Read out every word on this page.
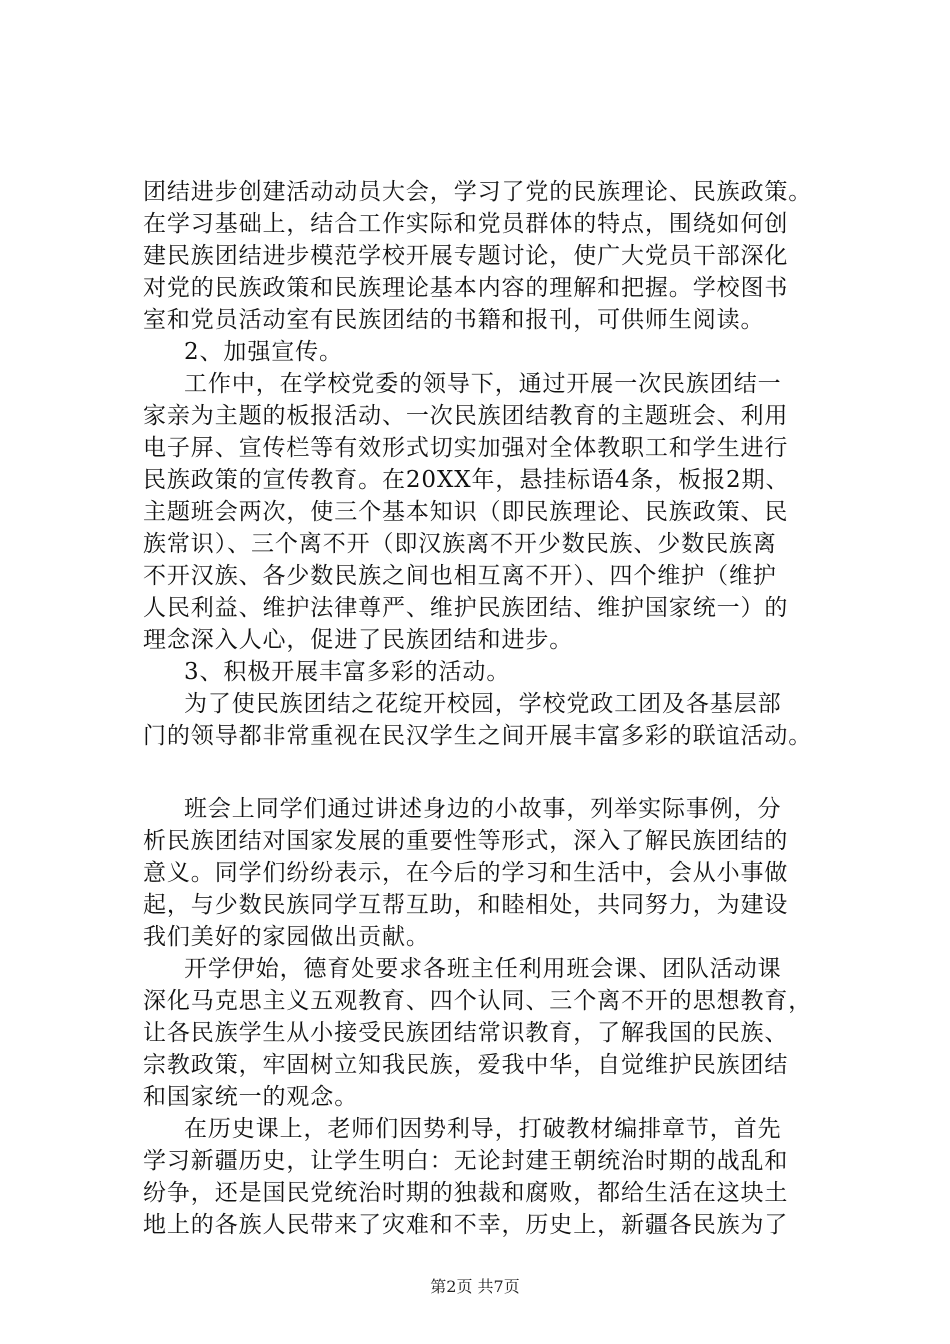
团结进步创建活动动员大会，学习了党的民族理论、民族政策。
在学习基础上，结合工作实际和党员群体的特点，围绕如何创
建民族团结进步模范学校开展专题讨论，使广大党员干部深化
对党的民族政策和民族理论基本内容的理解和把握。学校图书
室和党员活动室有民族团结的书籍和报刊，可供师生阅读。
2、加强宣传。
工作中，在学校党委的领导下，通过开展一次民族团结一
家亲为主题的板报活动、一次民族团结教育的主题班会、利用
电子屏、宣传栏等有效形式切实加强对全体教职工和学生进行
民族政策的宣传教育。在20XX年，悬挂标语4条，板报2期、
主题班会两次，使三个基本知识（即民族理论、民族政策、民
族常识）、三个离不开（即汉族离不开少数民族、少数民族离
不开汉族、各少数民族之间也相互离不开）、四个维护（维护
人民利益、维护法律尊严、维护民族团结、维护国家统一）的
理念深入人心，促进了民族团结和进步。
3、积极开展丰富多彩的活动。
为了使民族团结之花绽开校园，学校党政工团及各基层部
门的领导都非常重视在民汉学生之间开展丰富多彩的联谊活动。
班会上同学们通过讲述身边的小故事，列举实际事例，分
析民族团结对国家发展的重要性等形式，深入了解民族团结的
意义。同学们纷纷表示，在今后的学习和生活中，会从小事做
起，与少数民族同学互帮互助，和睦相处，共同努力，为建设
我们美好的家园做出贡献。
开学伊始，德育处要求各班主任利用班会课、团队活动课
深化马克思主义五观教育、四个认同、三个离不开的思想教育，
让各民族学生从小接受民族团结常识教育，了解我国的民族、
宗教政策，牢固树立知我民族，爱我中华，自觉维护民族团结
和国家统一的观念。
在历史课上，老师们因势利导，打破教材编排章节，首先
学习新疆历史，让学生明白：无论封建王朝统治时期的战乱和
纷争，还是国民党统治时期的独裁和腐败，都给生活在这块土
地上的各族人民带来了灾难和不幸，历史上，新疆各民族为了
第2页 共7页
